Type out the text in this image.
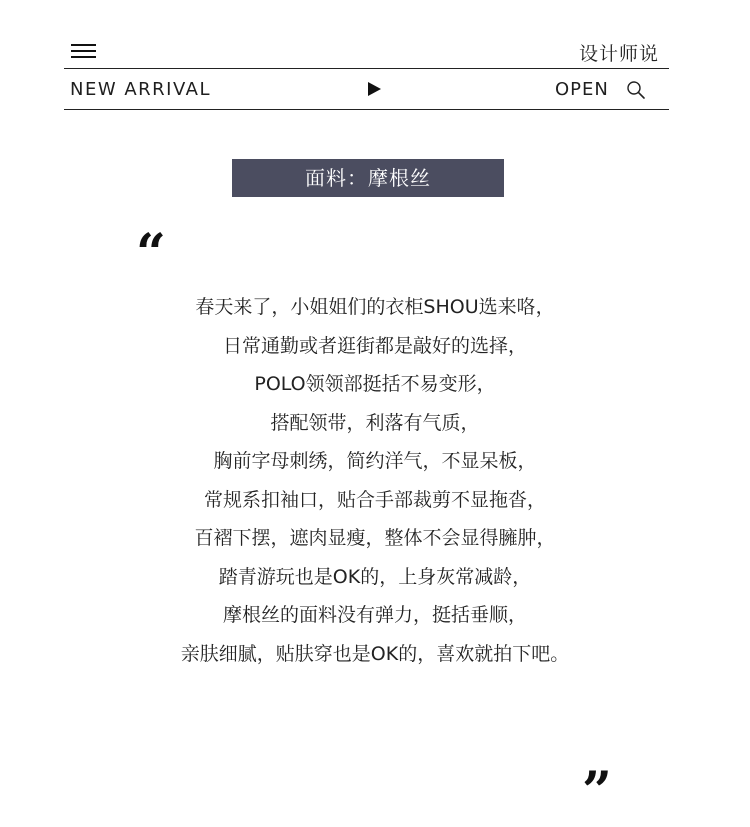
设计师说
NEW ARRIVAL	OPEN
面料：摩根丝
“
春天来了，小姐姐们的衣柜SHOU选来咯，
日常通勤或者逛街都是敲好的选择，
POLO领领部挺括不易变形，
搭配领带，利落有气质，
胸前字母刺绣，简约洋气，不显呆板，
常规系扣袖口，贴合手部裁剪不显拖沓，
百褶下摆，遮肉显瘦，整体不会显得臃肿，
踏青游玩也是OK的，上身灰常减龄，
摩根丝的面料没有弹力，挺括垂顺，
亲肤细腻，贴肤穿也是OK的，喜欢就拍下吧。
”
